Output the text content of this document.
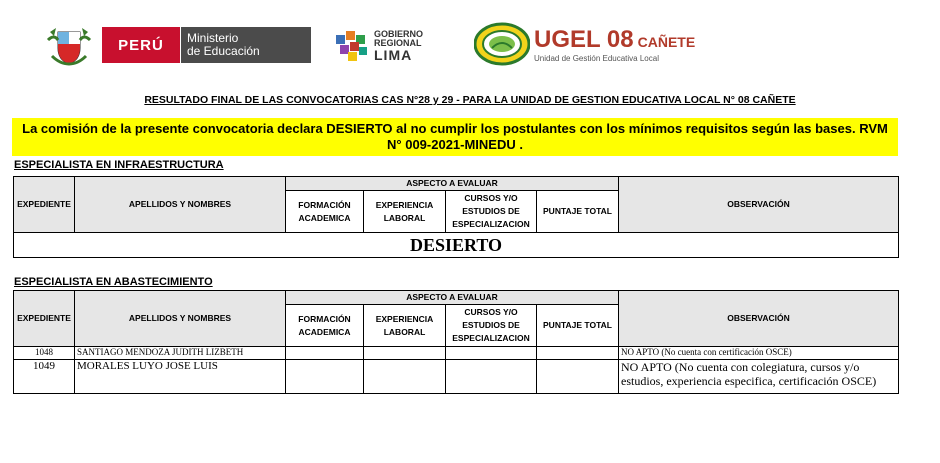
PERÚ Ministerio
de Educación
GOBIERNO
REGIONAL
LIMA
UGEL 08 CAÑETE
Unidad de Gestión Educativa Local
RESULTADO FINAL DE LAS CONVOCATORIAS CAS N°28 y 29 - PARA LA UNIDAD DE GESTION EDUCATIVA LOCAL N° 08 CAÑETE
La comisión de la presente convocatoria declara DESIERTO al no cumplir los postulantes con los mínimos requisitos según las bases. RVM
N° 009-2021-MINEDU .
ESPECIALISTA EN INFRAESTRUCTURA
EXPEDIENTE	APELLIDOS Y NOMBRES	ASPECTO A EVALUAR				OBSERVACIÓN
		FORMACIÓN ACADEMICA	EXPERIENCIA LABORAL	CURSOS Y/O ESTUDIOS DE ESPECIALIZACION	PUNTAJE TOTAL	
DESIERTO						
ESPECIALISTA EN ABASTECIMIENTO
EXPEDIENTE	APELLIDOS Y NOMBRES	ASPECTO A EVALUAR				OBSERVACIÓN
		FORMACIÓN ACADEMICA	EXPERIENCIA LABORAL	CURSOS Y/O ESTUDIOS DE ESPECIALIZACION	PUNTAJE TOTAL	
1048	SANTIAGO MENDOZA JUDITH LIZBETH					NO APTO (No cuenta con certificación OSCE)
1049	MORALES LUYO JOSE LUIS					NO APTO (No cuenta con colegiatura, cursos y/o estudios, experiencia especifica, certificación OSCE)
